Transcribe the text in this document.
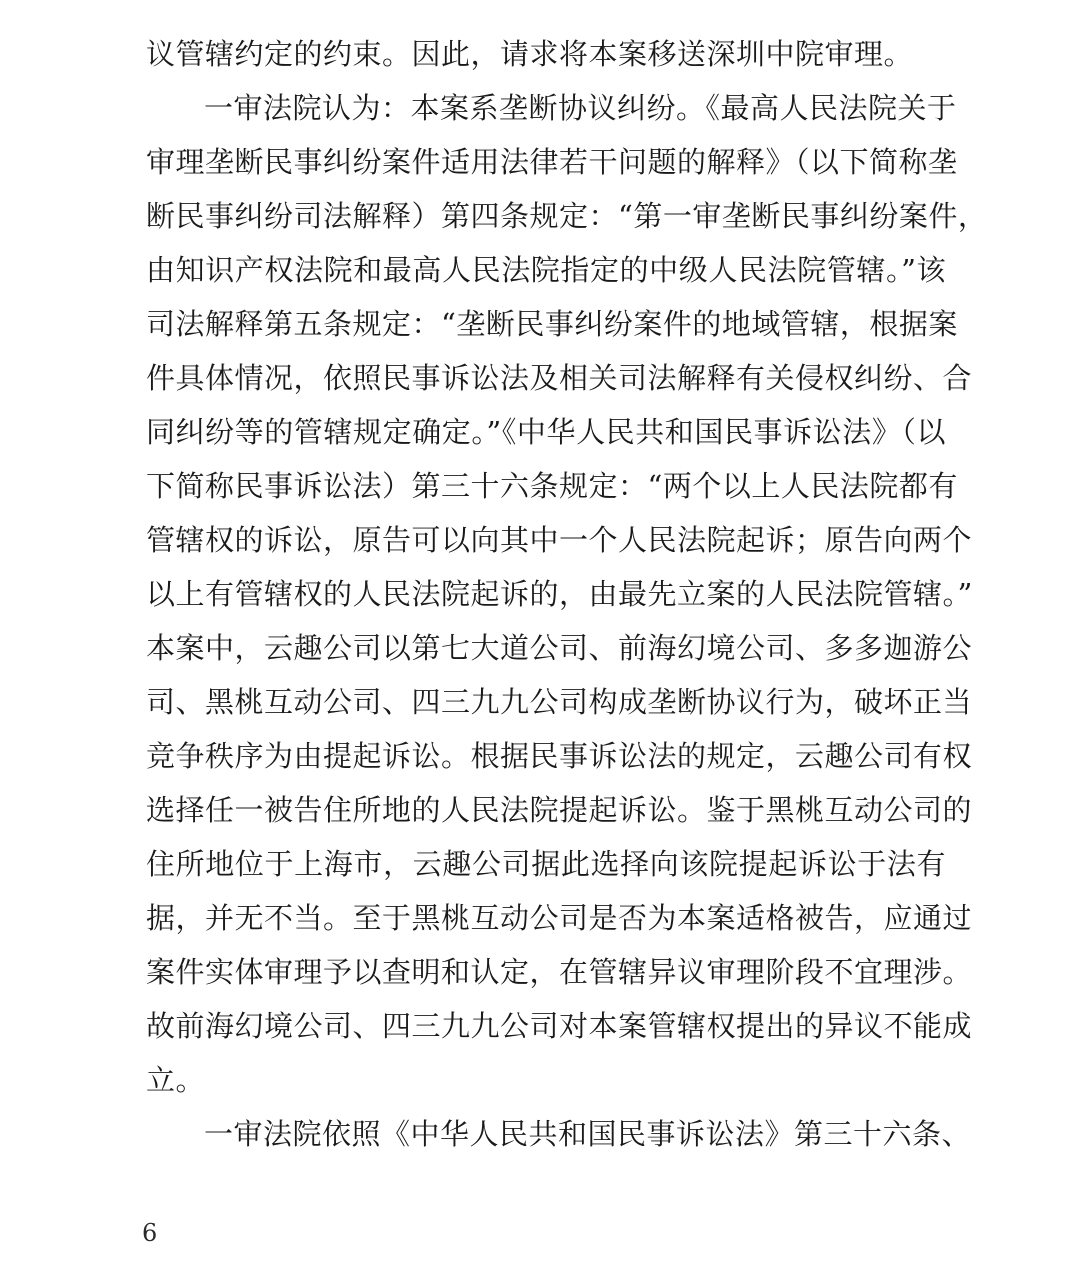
议管辖约定的约束。因此，请求将本案移送深圳中院审理。
一审法院认为：本案系垄断协议纠纷。《最高人民法院关于
审理垄断民事纠纷案件适用法律若干问题的解释》（以下简称垄
断民事纠纷司法解释）第四条规定：“第一审垄断民事纠纷案件，
由知识产权法院和最高人民法院指定的中级人民法院管辖。”该
司法解释第五条规定：“垄断民事纠纷案件的地域管辖，根据案
件具体情况，依照民事诉讼法及相关司法解释有关侵权纠纷、合
同纠纷等的管辖规定确定。”《中华人民共和国民事诉讼法》（以
下简称民事诉讼法）第三十六条规定：“两个以上人民法院都有
管辖权的诉讼，原告可以向其中一个人民法院起诉；原告向两个
以上有管辖权的人民法院起诉的，由最先立案的人民法院管辖。”
本案中，云趣公司以第七大道公司、前海幻境公司、多多迦游公
司、黑桃互动公司、四三九九公司构成垄断协议行为，破坏正当
竞争秩序为由提起诉讼。根据民事诉讼法的规定，云趣公司有权
选择任一被告住所地的人民法院提起诉讼。鉴于黑桃互动公司的
住所地位于上海市，云趣公司据此选择向该院提起诉讼于法有
据，并无不当。至于黑桃互动公司是否为本案适格被告，应通过
案件实体审理予以查明和认定，在管辖异议审理阶段不宜理涉。
故前海幻境公司、四三九九公司对本案管辖权提出的异议不能成
立。
一审法院依照《中华人民共和国民事诉讼法》第三十六条、
6
